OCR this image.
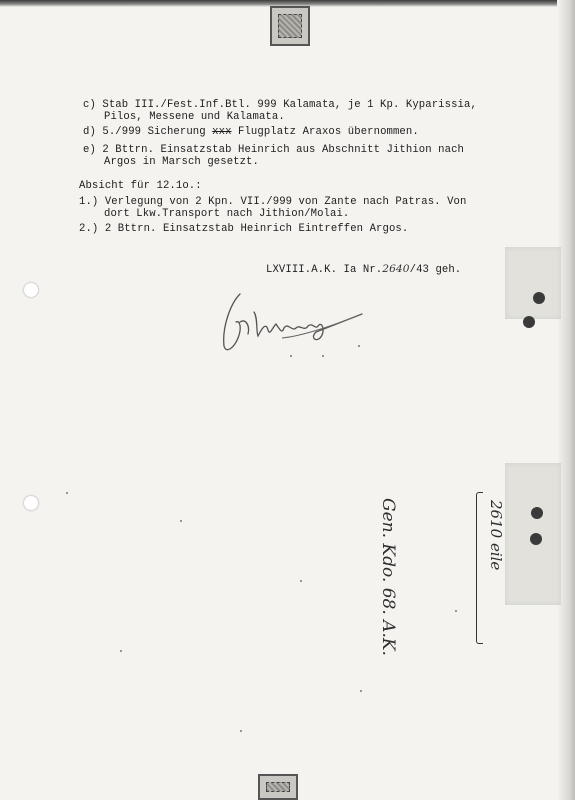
c) Stab III./Fest.Inf.Btl. 999 Kalamata, je 1 Kp. Kyparissia,
Pilos, Messene und Kalamata.
d) 5./999 Sicherung xxx Flugplatz Araxos übernommen.
e) 2 Bttrn. Einsatzstab Heinrich aus Abschnitt Jithion nach
Argos in Marsch gesetzt.
Absicht für 12.1o.:
1.) Verlegung von 2 Kpn. VII./999 von Zante nach Patras. Von
dort Lkw.Transport nach Jithion/Molai.
2.) 2 Bttrn. Einsatzstab Heinrich Eintreffen Argos.
LXVIII.A.K. Ia Nr.2640/43 geh.
Gen. Kdo. 68. A.K.	2610 eile
